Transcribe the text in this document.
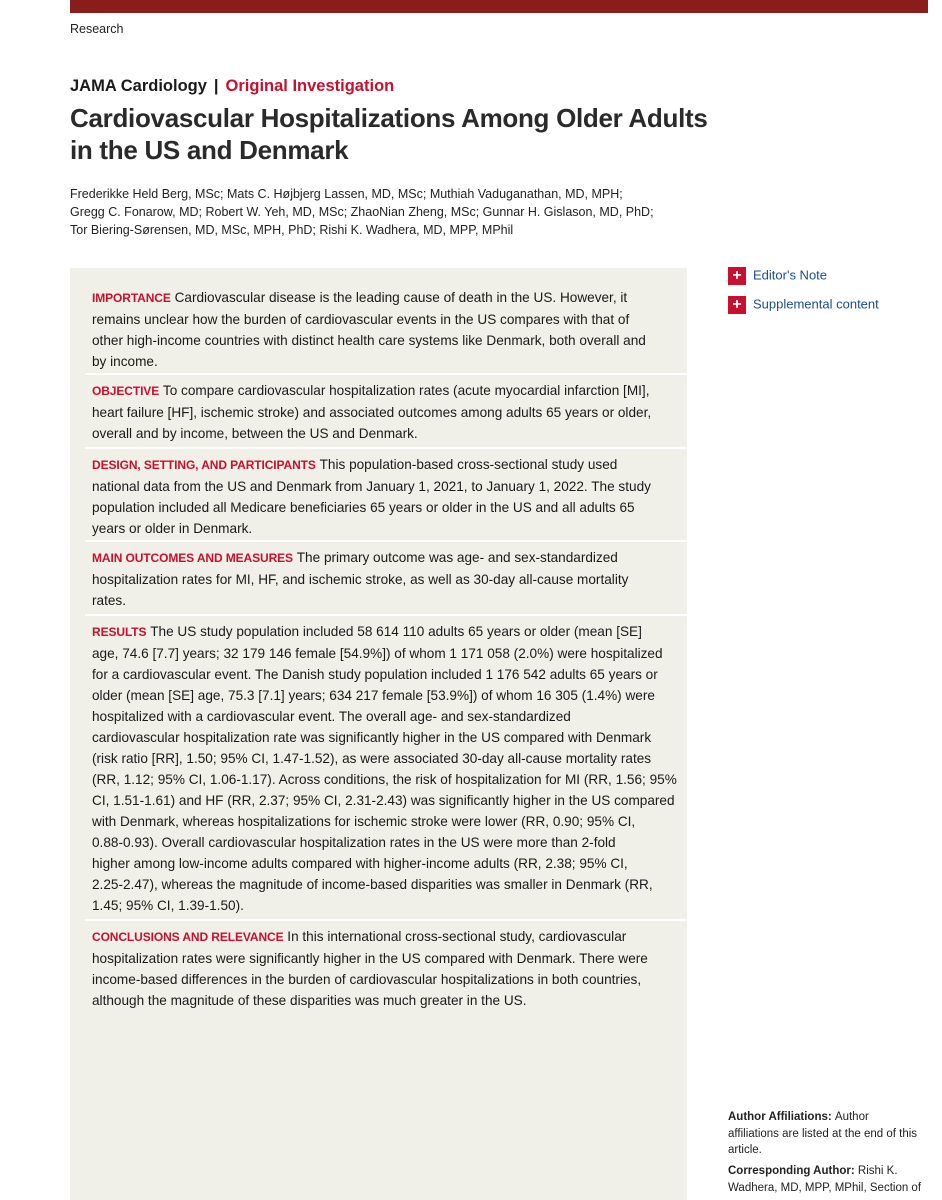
Research
JAMA Cardiology | Original Investigation
Cardiovascular Hospitalizations Among Older Adults
in the US and Denmark
Frederikke Held Berg, MSc; Mats C. Højbjerg Lassen, MD, MSc; Muthiah Vaduganathan, MD, MPH;
Gregg C. Fonarow, MD; Robert W. Yeh, MD, MSc; ZhaoNian Zheng, MSc; Gunnar H. Gislason, MD, PhD;
Tor Biering-Sørensen, MD, MSc, MPH, PhD; Rishi K. Wadhera, MD, MPP, MPhil
IMPORTANCE Cardiovascular disease is the leading cause of death in the US. However, it
remains unclear how the burden of cardiovascular events in the US compares with that of
other high-income countries with distinct health care systems like Denmark, both overall and
by income.
OBJECTIVE To compare cardiovascular hospitalization rates (acute myocardial infarction [MI],
heart failure [HF], ischemic stroke) and associated outcomes among adults 65 years or older,
overall and by income, between the US and Denmark.
DESIGN, SETTING, AND PARTICIPANTS This population-based cross-sectional study used
national data from the US and Denmark from January 1, 2021, to January 1, 2022. The study
population included all Medicare beneficiaries 65 years or older in the US and all adults 65
years or older in Denmark.
MAIN OUTCOMES AND MEASURES The primary outcome was age- and sex-standardized
hospitalization rates for MI, HF, and ischemic stroke, as well as 30-day all-cause mortality
rates.
RESULTS The US study population included 58 614 110 adults 65 years or older (mean [SE]
age, 74.6 [7.7] years; 32 179 146 female [54.9%]) of whom 1 171 058 (2.0%) were hospitalized
for a cardiovascular event. The Danish study population included 1 176 542 adults 65 years or
older (mean [SE] age, 75.3 [7.1] years; 634 217 female [53.9%]) of whom 16 305 (1.4%) were
hospitalized with a cardiovascular event. The overall age- and sex-standardized
cardiovascular hospitalization rate was significantly higher in the US compared with Denmark
(risk ratio [RR], 1.50; 95% CI, 1.47-1.52), as were associated 30-day all-cause mortality rates
(RR, 1.12; 95% CI, 1.06-1.17). Across conditions, the risk of hospitalization for MI (RR, 1.56; 95%
CI, 1.51-1.61) and HF (RR, 2.37; 95% CI, 2.31-2.43) was significantly higher in the US compared
with Denmark, whereas hospitalizations for ischemic stroke were lower (RR, 0.90; 95% CI,
0.88-0.93). Overall cardiovascular hospitalization rates in the US were more than 2-fold
higher among low-income adults compared with higher-income adults (RR, 2.38; 95% CI,
2.25-2.47), whereas the magnitude of income-based disparities was smaller in Denmark (RR,
1.45; 95% CI, 1.39-1.50).
CONCLUSIONS AND RELEVANCE In this international cross-sectional study, cardiovascular
hospitalization rates were significantly higher in the US compared with Denmark. There were
income-based differences in the burden of cardiovascular hospitalizations in both countries,
although the magnitude of these disparities was much greater in the US.
+ Editor's Note
+ Supplemental content
Author Affiliations: Author
affiliations are listed at the end of this
article.
Corresponding Author: Rishi K.
Wadhera, MD, MPP, MPhil, Section of
